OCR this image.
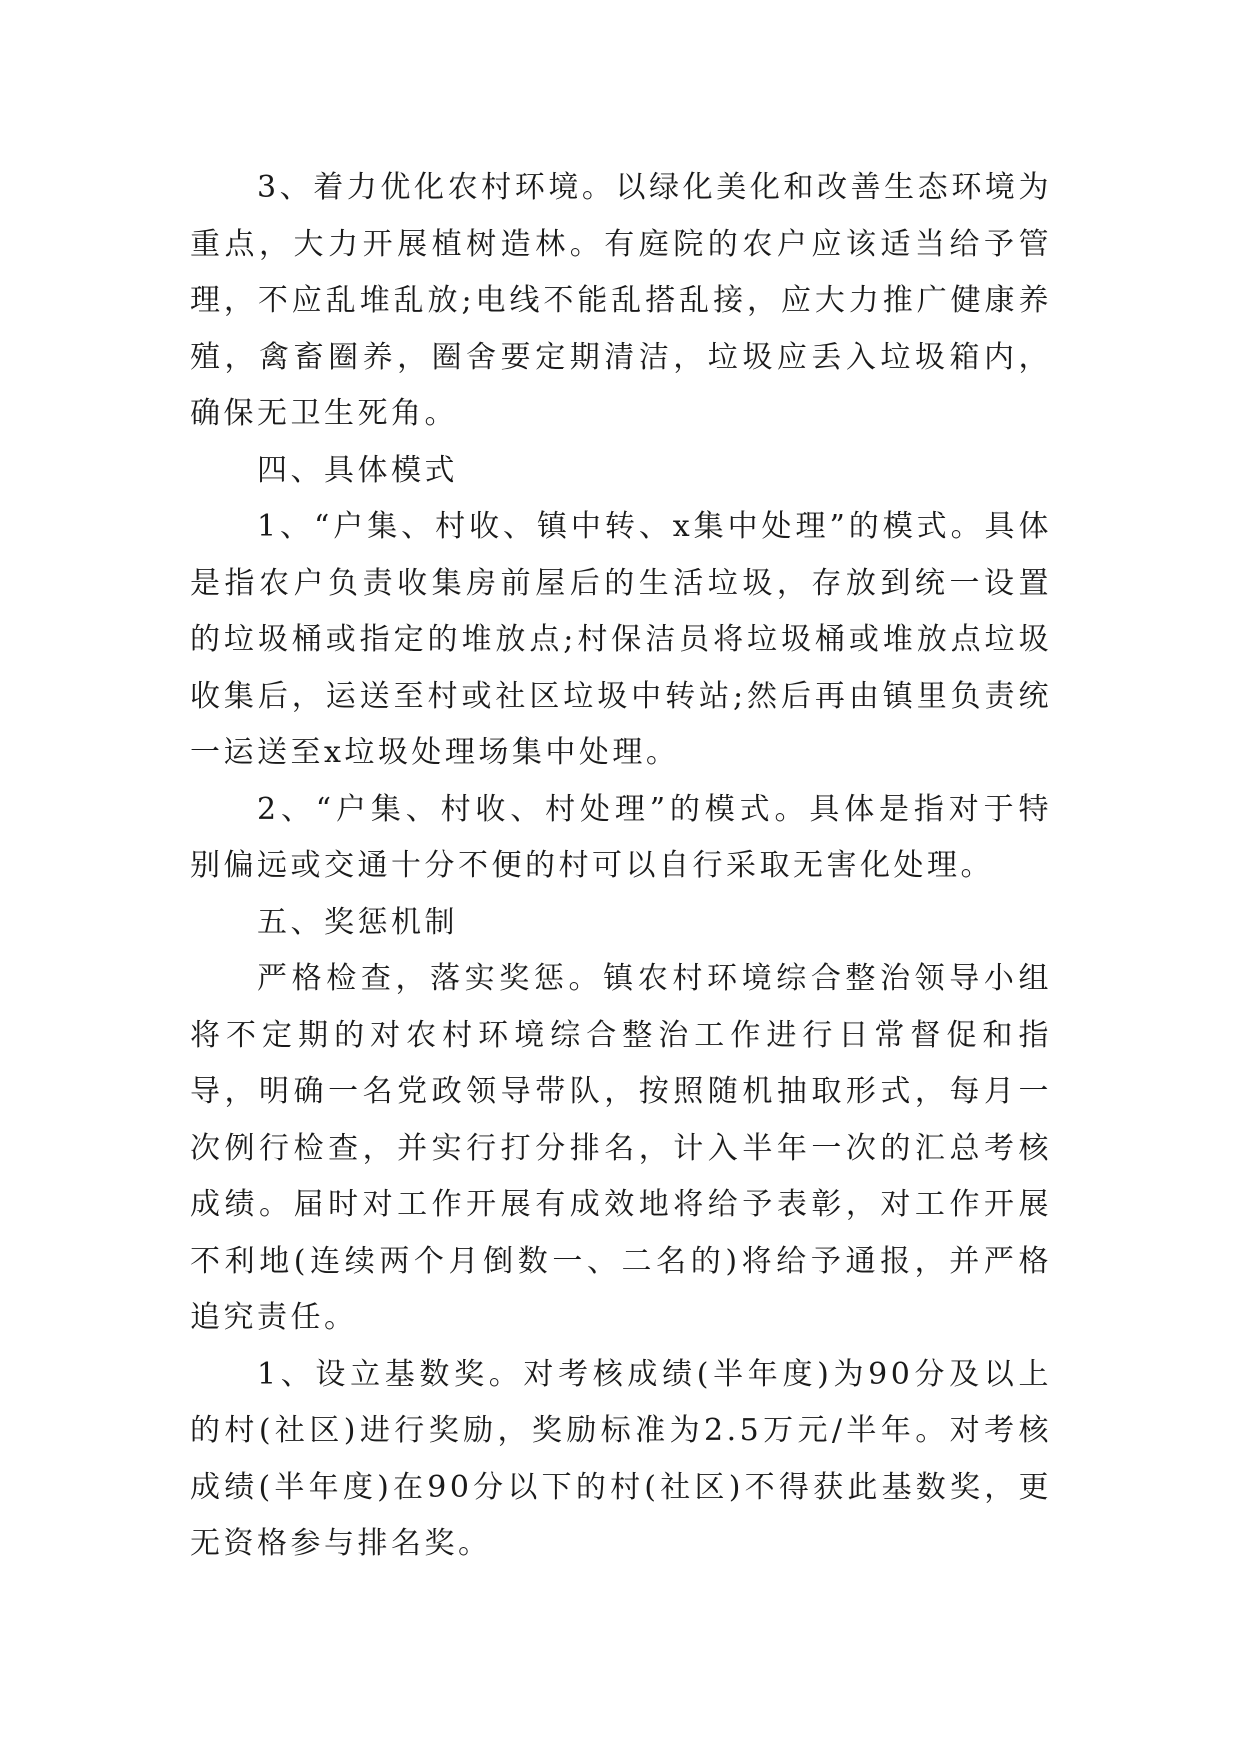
3、着力优化农村环境。以绿化美化和改善生态环境为重点，大力开展植树造林。有庭院的农户应该适当给予管理，不应乱堆乱放;电线不能乱搭乱接，应大力推广健康养殖，禽畜圈养，圈舍要定期清洁，垃圾应丢入垃圾箱内，确保无卫生死角。

四、具体模式

1、“户集、村收、镇中转、x集中处理”的模式。具体是指农户负责收集房前屋后的生活垃圾，存放到统一设置的垃圾桶或指定的堆放点;村保洁员将垃圾桶或堆放点垃圾收集后，运送至村或社区垃圾中转站;然后再由镇里负责统一运送至x垃圾处理场集中处理。

2、“户集、村收、村处理”的模式。具体是指对于特别偏远或交通十分不便的村可以自行采取无害化处理。

五、奖惩机制

严格检查，落实奖惩。镇农村环境综合整治领导小组将不定期的对农村环境综合整治工作进行日常督促和指导，明确一名党政领导带队，按照随机抽取形式，每月一次例行检查，并实行打分排名，计入半年一次的汇总考核成绩。届时对工作开展有成效地将给予表彰，对工作开展不利地(连续两个月倒数一、二名的)将给予通报，并严格追究责任。

1、设立基数奖。对考核成绩(半年度)为90分及以上的村(社区)进行奖励，奖励标准为2.5万元/半年。对考核成绩(半年度)在90分以下的村(社区)不得获此基数奖，更无资格参与排名奖。
